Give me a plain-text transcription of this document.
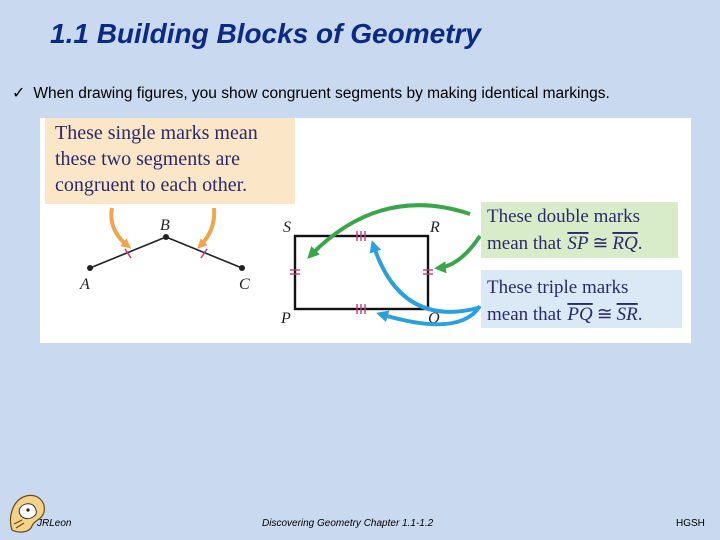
1.1 Building Blocks of Geometry
✓ When drawing figures, you show congruent segments by making identical markings.
These single marks mean
these two segments are
congruent to each other.
A
B
C
S	R
P	Q
These double marks
mean that SP ≅ RQ.
These triple marks
mean that PQ ≅ SR.
JRLeon	Discovering Geometry Chapter 1.1-1.2	HGSH
